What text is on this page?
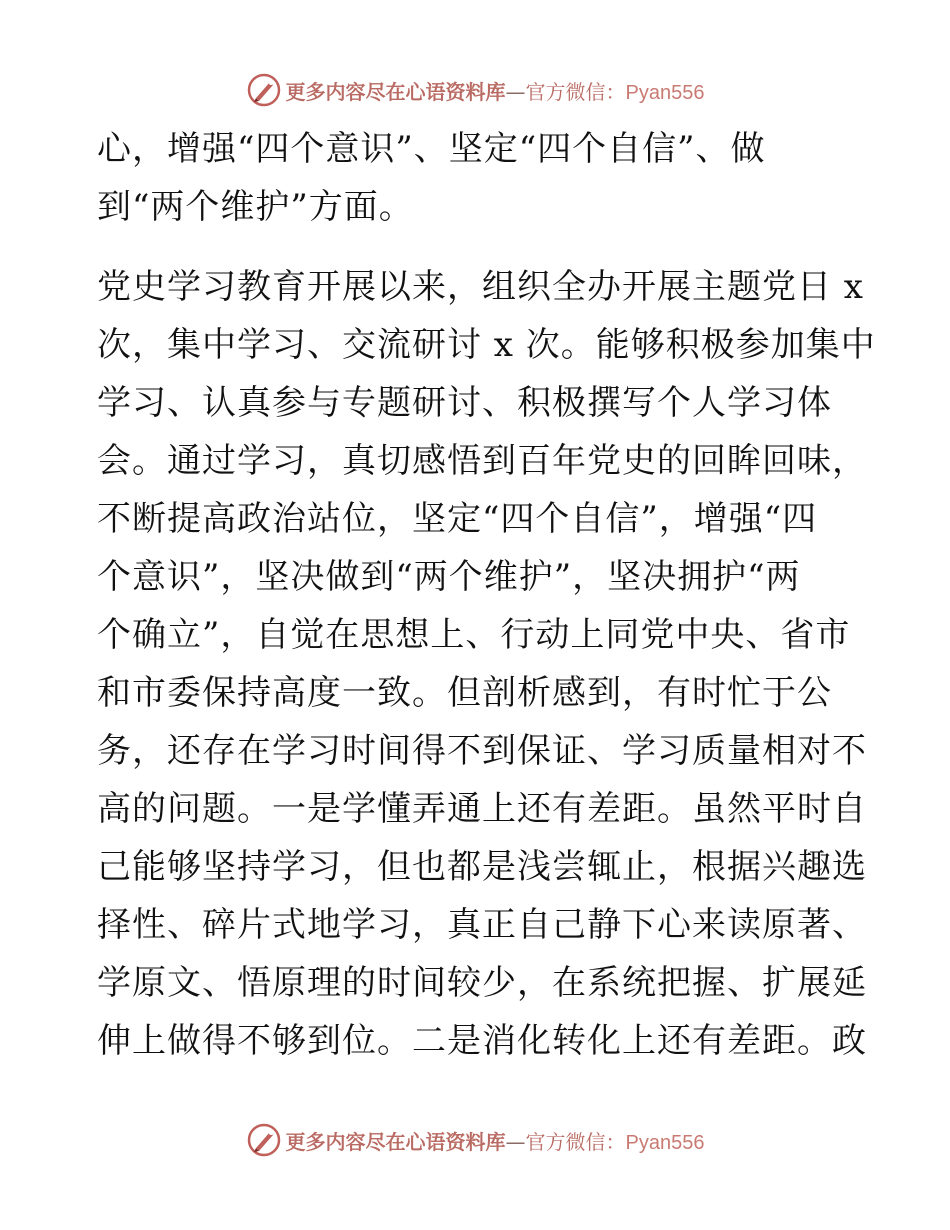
更多内容尽在心语资料库—官方微信：Pyan556
心，增强“四个意识”、坚定“四个自信”、做
到“两个维护”方面。
党史学习教育开展以来，组织全办开展主题党日 x
次，集中学习、交流研讨 x 次。能够积极参加集中
学习、认真参与专题研讨、积极撰写个人学习体
会。通过学习，真切感悟到百年党史的回眸回味，
不断提高政治站位，坚定“四个自信”，增强“四
个意识”，坚决做到“两个维护”，坚决拥护“两
个确立”，自觉在思想上、行动上同党中央、省市
和市委保持高度一致。但剖析感到，有时忙于公
务，还存在学习时间得不到保证、学习质量相对不
高的问题。一是学懂弄通上还有差距。虽然平时自
己能够坚持学习，但也都是浅尝辄止，根据兴趣选
择性、碎片式地学习，真正自己静下心来读原著、
学原文、悟原理的时间较少，在系统把握、扩展延
伸上做得不够到位。二是消化转化上还有差距。政
更多内容尽在心语资料库—官方微信：Pyan556
